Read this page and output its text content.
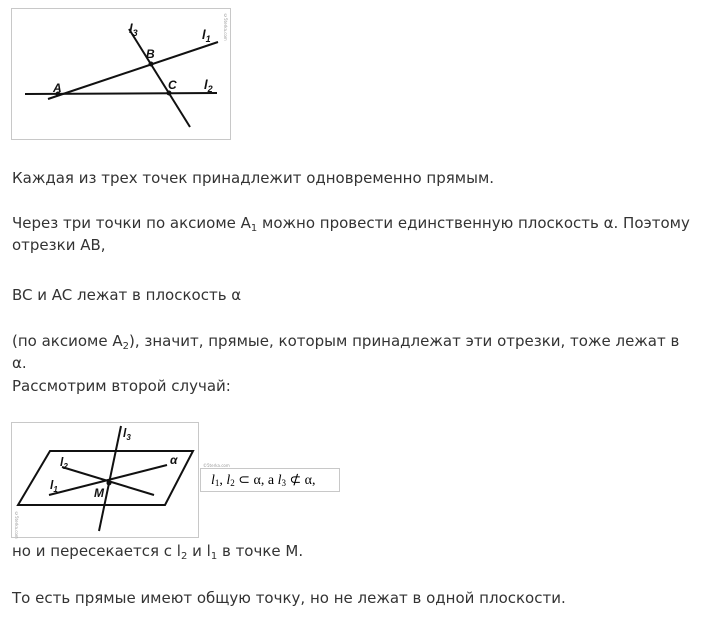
$l_3$	$l_1$
$l_2$
A
B
C
©5terka.com

Каждая из трех точек принадлежит одновременно прямым.

Через три точки по аксиоме $A_1$ можно провести единственную плоскость α. Поэтому отрезки AB,

BC и AC лежат в плоскость α

(по аксиоме $A_2$), значит, прямые, которым принадлежат эти отрезки, тоже лежат в α.

Рассмотрим второй случай:

$l_3$
$l_2$
$l_1$
α
M
©5terka.com
©5terka.com
$l_1$, $l_2$ ⊂ α, а $l_3$ ⊄ α,

но и пересекается с $l_2$ и $l_1$ в точке M.

То есть прямые имеют общую точку, но не лежат в одной плоскости.
